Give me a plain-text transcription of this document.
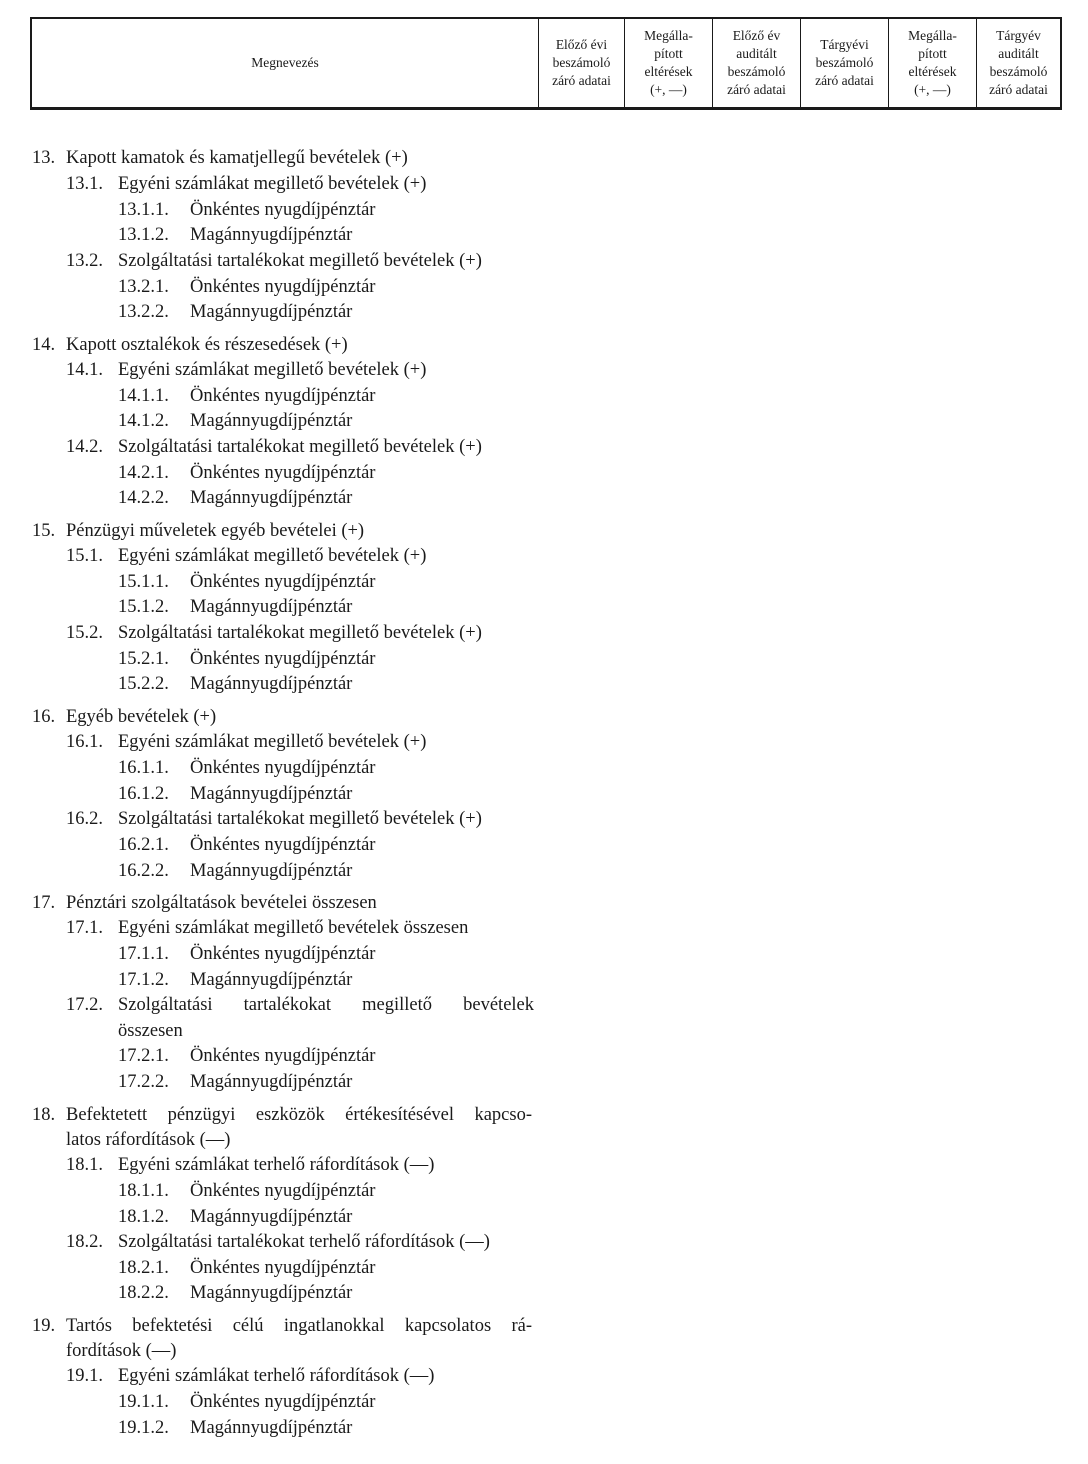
Megnevezés
Előző évi
beszámoló
záró adatai
Megálla-
pított
eltérések
(+, —)
Előző év
auditált
beszámoló
záró adatai
Tárgyévi
beszámoló
záró adatai
Megálla-
pított
eltérések
(+, —)
Tárgyév
auditált
beszámoló
záró adatai
13. Kapott kamatok és kamatjellegű bevételek (+)
13.1. Egyéni számlákat megillető bevételek (+)
13.1.1. Önkéntes nyugdíjpénztár
13.1.2. Magánnyugdíjpénztár
13.2. Szolgáltatási tartalékokat megillető bevételek (+)
13.2.1. Önkéntes nyugdíjpénztár
13.2.2. Magánnyugdíjpénztár
14. Kapott osztalékok és részesedések (+)
14.1. Egyéni számlákat megillető bevételek (+)
14.1.1. Önkéntes nyugdíjpénztár
14.1.2. Magánnyugdíjpénztár
14.2. Szolgáltatási tartalékokat megillető bevételek (+)
14.2.1. Önkéntes nyugdíjpénztár
14.2.2. Magánnyugdíjpénztár
15. Pénzügyi műveletek egyéb bevételei (+)
15.1. Egyéni számlákat megillető bevételek (+)
15.1.1. Önkéntes nyugdíjpénztár
15.1.2. Magánnyugdíjpénztár
15.2. Szolgáltatási tartalékokat megillető bevételek (+)
15.2.1. Önkéntes nyugdíjpénztár
15.2.2. Magánnyugdíjpénztár
16. Egyéb bevételek (+)
16.1. Egyéni számlákat megillető bevételek (+)
16.1.1. Önkéntes nyugdíjpénztár
16.1.2. Magánnyugdíjpénztár
16.2. Szolgáltatási tartalékokat megillető bevételek (+)
16.2.1. Önkéntes nyugdíjpénztár
16.2.2. Magánnyugdíjpénztár
17. Pénztári szolgáltatások bevételei összesen
17.1. Egyéni számlákat megillető bevételek összesen
17.1.1. Önkéntes nyugdíjpénztár
17.1.2. Magánnyugdíjpénztár
17.2. Szolgáltatási tartalékokat megillető bevételek
összesen
17.2.1. Önkéntes nyugdíjpénztár
17.2.2. Magánnyugdíjpénztár
18. Befektetett pénzügyi eszközök értékesítésével kapcso-
latos ráfordítások (—)
18.1. Egyéni számlákat terhelő ráfordítások (—)
18.1.1. Önkéntes nyugdíjpénztár
18.1.2. Magánnyugdíjpénztár
18.2. Szolgáltatási tartalékokat terhelő ráfordítások (—)
18.2.1. Önkéntes nyugdíjpénztár
18.2.2. Magánnyugdíjpénztár
19. Tartós befektetési célú ingatlanokkal kapcsolatos rá-
fordítások (—)
19.1. Egyéni számlákat terhelő ráfordítások (—)
19.1.1. Önkéntes nyugdíjpénztár
19.1.2. Magánnyugdíjpénztár
